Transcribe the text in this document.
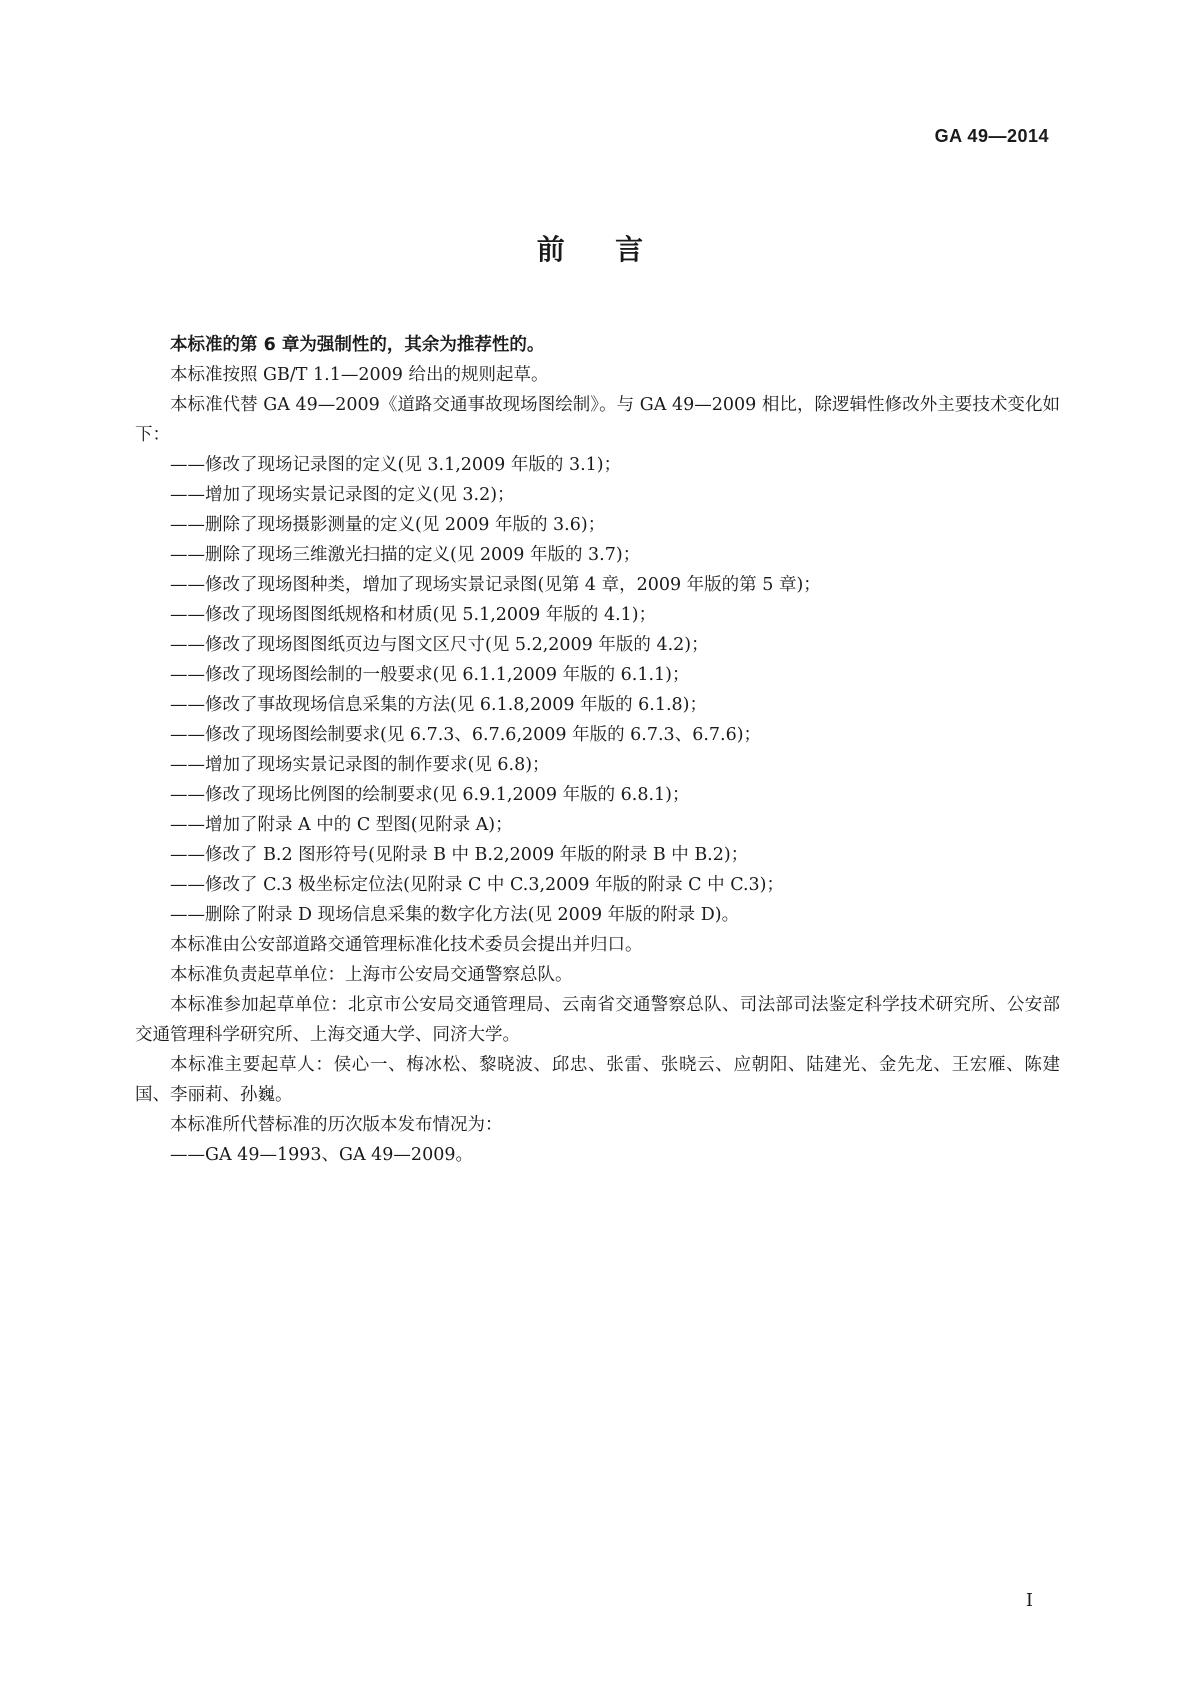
GA 49—2014
前　言

本标准的第 6 章为强制性的，其余为推荐性的。

本标准按照 GB/T 1.1—2009 给出的规则起草。

本标准代替 GA 49—2009《道路交通事故现场图绘制》。与 GA 49—2009 相比，除逻辑性修改外主要技术变化如下：

——修改了现场记录图的定义(见 3.1,2009 年版的 3.1)；
——增加了现场实景记录图的定义(见 3.2)；
——删除了现场摄影测量的定义(见 2009 年版的 3.6)；
——删除了现场三维激光扫描的定义(见 2009 年版的 3.7)；
——修改了现场图种类，增加了现场实景记录图(见第 4 章，2009 年版的第 5 章)；
——修改了现场图图纸规格和材质(见 5.1,2009 年版的 4.1)；
——修改了现场图图纸页边与图文区尺寸(见 5.2,2009 年版的 4.2)；
——修改了现场图绘制的一般要求(见 6.1.1,2009 年版的 6.1.1)；
——修改了事故现场信息采集的方法(见 6.1.8,2009 年版的 6.1.8)；
——修改了现场图绘制要求(见 6.7.3、6.7.6,2009 年版的 6.7.3、6.7.6)；
——增加了现场实景记录图的制作要求(见 6.8)；
——修改了现场比例图的绘制要求(见 6.9.1,2009 年版的 6.8.1)；
——增加了附录 A 中的 C 型图(见附录 A)；
——修改了 B.2 图形符号(见附录 B 中 B.2,2009 年版的附录 B 中 B.2)；
——修改了 C.3 极坐标定位法(见附录 C 中 C.3,2009 年版的附录 C 中 C.3)；
——删除了附录 D 现场信息采集的数字化方法(见 2009 年版的附录 D)。

本标准由公安部道路交通管理标准化技术委员会提出并归口。

本标准负责起草单位：上海市公安局交通警察总队。

本标准参加起草单位：北京市公安局交通管理局、云南省交通警察总队、司法部司法鉴定科学技术研究所、公安部交通管理科学研究所、上海交通大学、同济大学。

本标准主要起草人：侯心一、梅冰松、黎晓波、邱忠、张雷、张晓云、应朝阳、陆建光、金先龙、王宏雁、陈建国、李丽莉、孙巍。

本标准所代替标准的历次版本发布情况为：

——GA 49—1993、GA 49—2009。
I
